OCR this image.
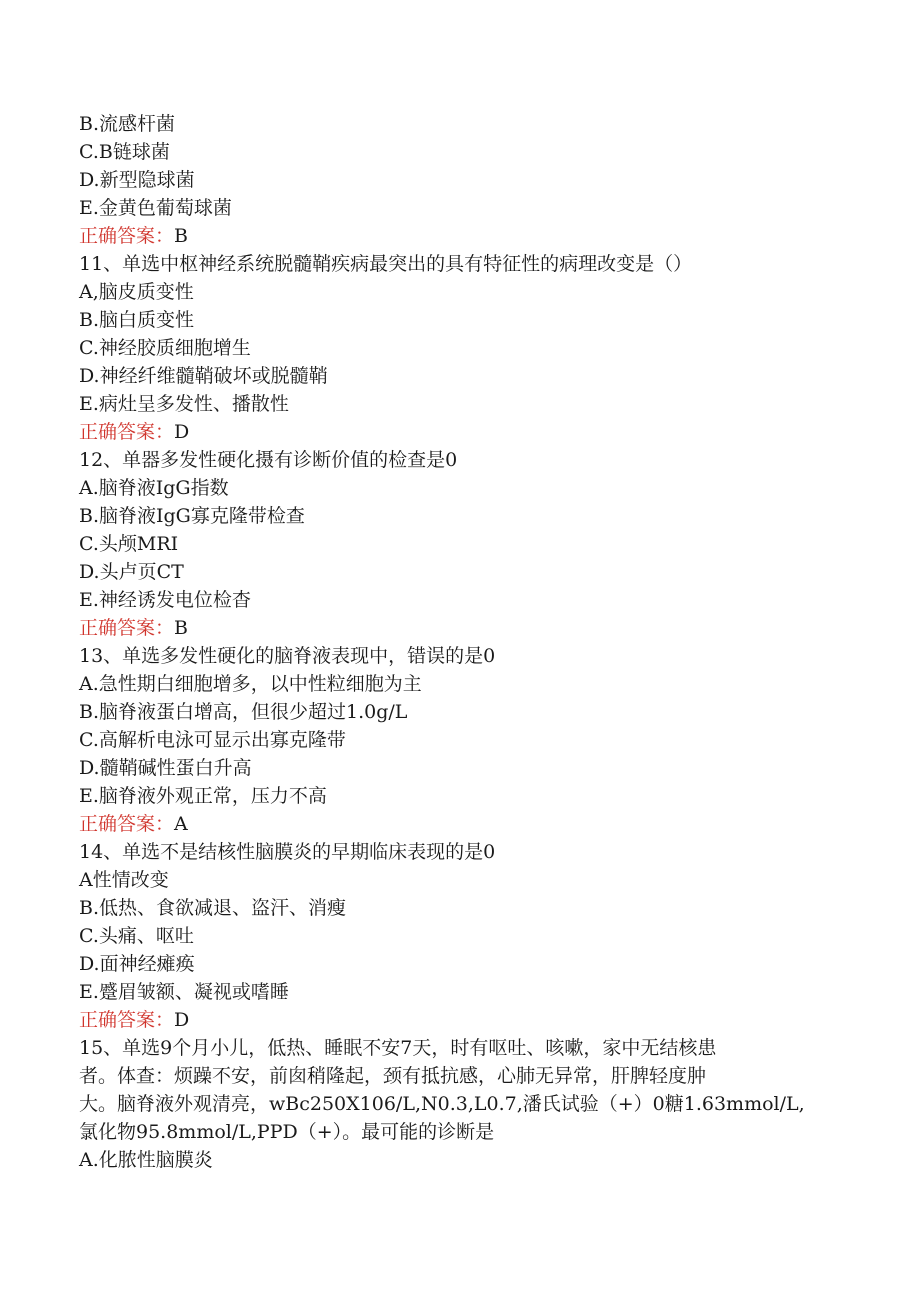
B.流感杆菌
C.B链球菌
D.新型隐球菌
E.金黄色葡萄球菌
正确答案：B
11、单选中枢神经系统脱髓鞘疾病最突出的具有特征性的病理改变是（）
A,脑皮质变性
B.脑白质变性
C.神经胶质细胞增生
D.神经纤维髓鞘破坏或脱髓鞘
E.病灶呈多发性、播散性
正确答案：D
12、单器多发性硬化摄有诊断价值的检查是0
A.脑脊液IgG指数
B.脑脊液IgG寡克隆带检查
C.头颅MRI
D.头卢页CT
E.神经诱发电位检杳
正确答案：B
13、单选多发性硬化的脑脊液表现中，错误的是0
A.急性期白细胞增多，以中性粒细胞为主
B.脑脊液蛋白增高，但很少超过1.0g/L
C.高解析电泳可显示出寡克隆带
D.髓鞘碱性蛋白升高
E.脑脊液外观正常，压力不高
正确答案：A
14、单选不是结核性脑膜炎的早期临床表现的是0
A性情改变
B.低热、食欲减退、盗汗、消瘦
C.头痛、呕吐
D.面神经瘫痪
E.蹙眉皱额、凝视或嗜睡
正确答案：D
15、单选9个月小儿，低热、睡眠不安7天，时有呕吐、咳嗽，家中无结核患
者。体查：烦躁不安，前囱稍隆起，颈有抵抗感，心肺无异常，肝脾轻度肿
大。脑脊液外观清亮，wBc250X106/L,N0.3,L0.7,潘氏试验（+）0糖1.63mmol/L,
氯化物95.8mmol/L,PPD（+）。最可能的诊断是
A.化脓性脑膜炎
